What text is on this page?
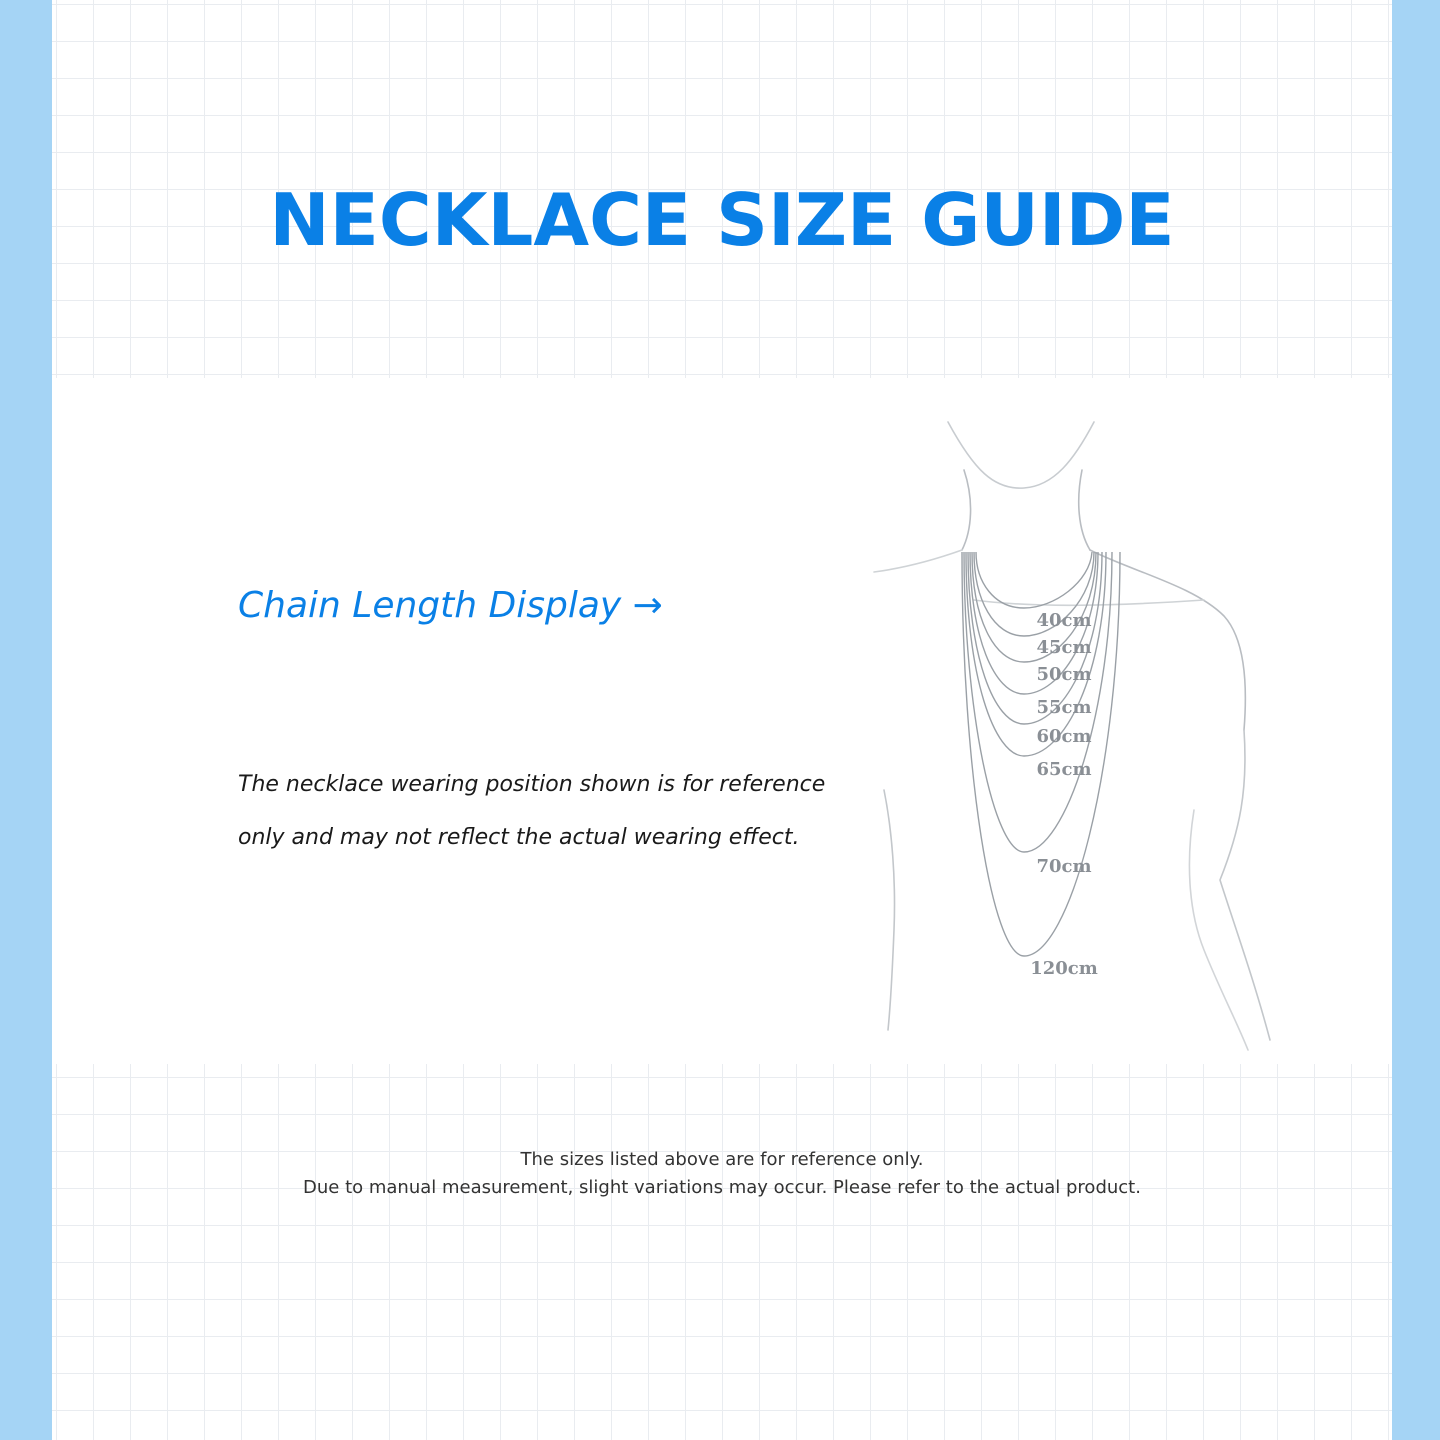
NECKLACE SIZE GUIDE
Chain Length Display →
The necklace wearing position shown is for reference only and may not reflect the actual wearing effect.
40cm
45cm
50cm
55cm
60cm
65cm
70cm
120cm
The sizes listed above are for reference only.
Due to manual measurement, slight variations may occur. Please refer to the actual product.
